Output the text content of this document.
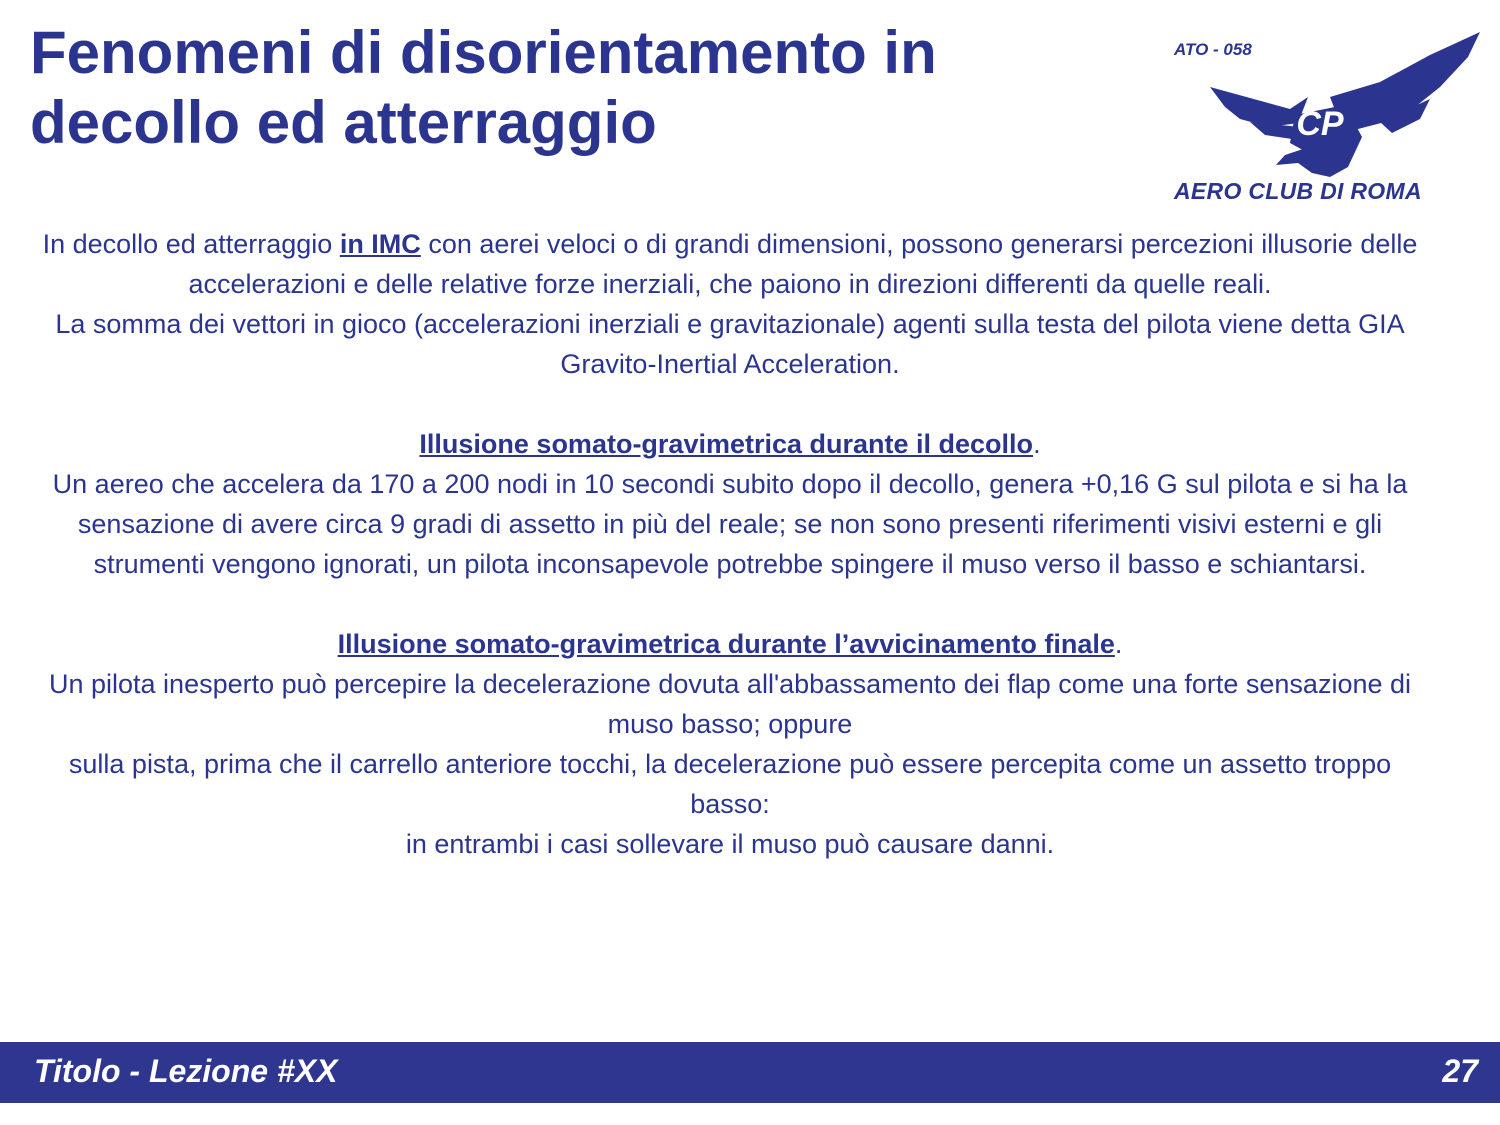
Fenomeni di disorientamento in
decollo ed atterraggio	CP
ATO - 058
AERO CLUB DI ROMA

In decollo ed atterraggio in IMC con aerei veloci o di grandi dimensioni, possono generarsi percezioni illusorie delle accelerazioni e delle relative forze inerziali, che paiono in direzioni differenti da quelle reali.

La somma dei vettori in gioco (accelerazioni inerziali e gravitazionale) agenti sulla testa del pilota viene detta GIA Gravito-Inertial Acceleration.

Illusione somato-gravimetrica durante il decollo.

Un aereo che accelera da 170 a 200 nodi in 10 secondi subito dopo il decollo, genera +0,16 G sul pilota e si ha la sensazione di avere circa 9 gradi di assetto in più del reale; se non sono presenti riferimenti visivi esterni e gli strumenti vengono ignorati, un pilota inconsapevole potrebbe spingere il muso verso il basso e schiantarsi.

Illusione somato-gravimetrica durante l’avvicinamento finale.

Un pilota inesperto può percepire la decelerazione dovuta all'abbassamento dei flap come una forte sensazione di muso basso; oppure

sulla pista, prima che il carrello anteriore tocchi, la decelerazione può essere percepita come un assetto troppo basso:

in entrambi i casi sollevare il muso può causare danni.

Titolo - Lezione #XX	27
